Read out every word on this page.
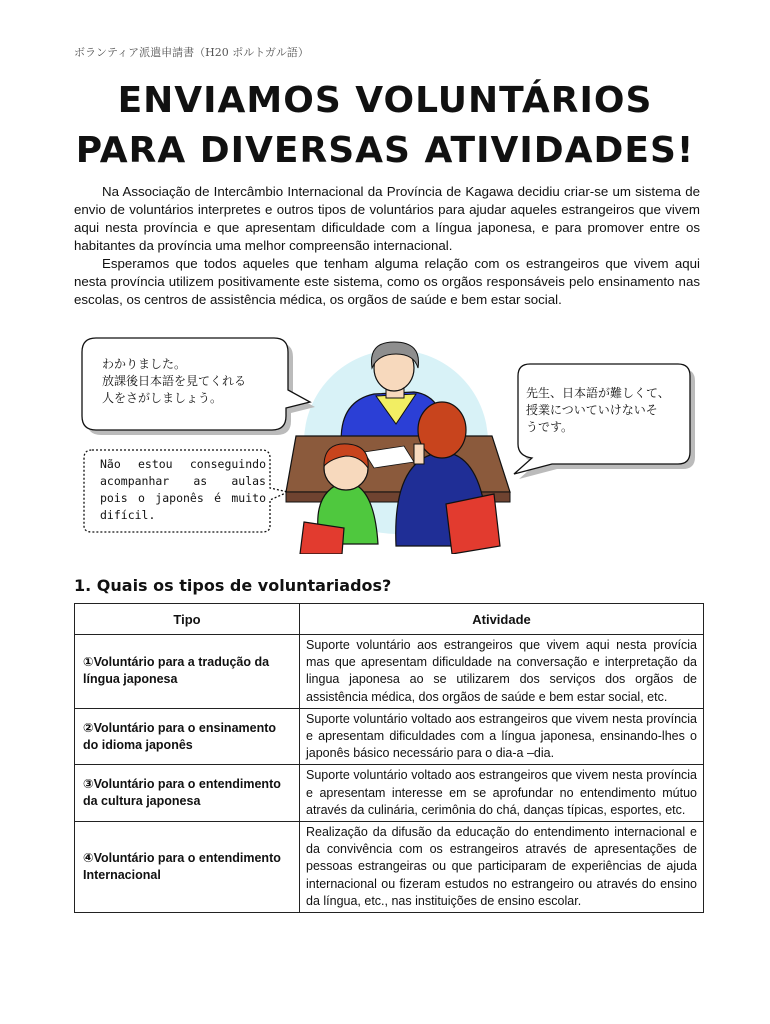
ボランティア派遣申請書（H20 ポルトガル語）
ENVIAMOS VOLUNTÁRIOS
PARA DIVERSAS ATIVIDADES!

Na Associação de Intercâmbio Internacional da Província de Kagawa decidiu criar-se um sistema de envio de voluntários interpretes e outros tipos de voluntários para ajudar aqueles estrangeiros que vivem aqui nesta província e que apresentam dificuldade com a língua japonesa, e para promover entre os habitantes da província uma melhor compreensão internacional.

Esperamos que todos aqueles que tenham alguma relação com os estrangeiros que vivem aqui nesta província utilizem positivamente este sistema, como os orgãos responsáveis pelo ensinamento nas escolas, os centros de assistência médica, os orgãos de saúde e bem estar social.

わかりました。
放課後日本語を見てくれる
人をさがしましょう。	先生、日本語が難しくて、
授業についていけないそ
うです。
Não estou conseguindo acompanhar as aulas pois o japonês é muito difícil.
1. Quais os tipos de voluntariados?
Tipo	Atividade
①Voluntário para a tradução da língua japonesa	Suporte voluntário aos estrangeiros que vivem aqui nesta provícia mas que apresentam dificuldade na conversação e interpretação da lingua japonesa ao se utilizarem dos serviços dos orgãos de assistência médica, dos orgãos de saúde e bem estar social, etc.
②Voluntário para o ensinamento do idioma japonês	Suporte voluntário voltado aos estrangeiros que vivem nesta província e apresentam dificuldades com a língua japonesa, ensinando-lhes o japonês básico necessário para o dia-a –dia.
③Voluntário para o entendimento da cultura japonesa	Suporte voluntário voltado aos estrangeiros que vivem nesta província e apresentam interesse em se aprofundar no entendimento mútuo através da culinária, cerimônia do chá, danças típicas, esportes, etc.
④Voluntário para o entendimento Internacional	Realização da difusão da educação do entendimento internacional e da convivência com os estrangeiros através de apresentações de pessoas estrangeiras ou que participaram de experiências de ajuda internacional ou fizeram estudos no estrangeiro ou através do ensino da língua, etc., nas instituições de ensino escolar.
